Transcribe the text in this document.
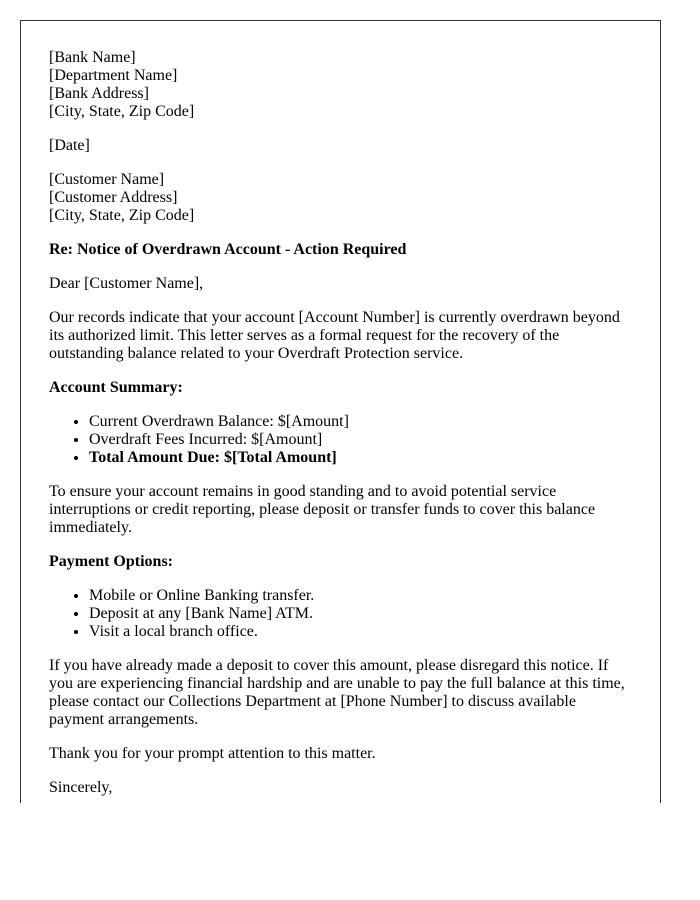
[Bank Name]
[Department Name]
[Bank Address]
[City, State, Zip Code]

[Date]

[Customer Name]
[Customer Address]
[City, State, Zip Code]

Re: Notice of Overdrawn Account - Action Required

Dear [Customer Name],

Our records indicate that your account [Account Number] is currently overdrawn beyond its authorized limit. This letter serves as a formal request for the recovery of the outstanding balance related to your Overdraft Protection service.

Account Summary:

• Current Overdrawn Balance: $[Amount]
• Overdraft Fees Incurred: $[Amount]
• Total Amount Due: $[Total Amount]

To ensure your account remains in good standing and to avoid potential service interruptions or credit reporting, please deposit or transfer funds to cover this balance immediately.

Payment Options:

• Mobile or Online Banking transfer.
• Deposit at any [Bank Name] ATM.
• Visit a local branch office.

If you have already made a deposit to cover this amount, please disregard this notice. If you are experiencing financial hardship and are unable to pay the full balance at this time, please contact our Collections Department at [Phone Number] to discuss available payment arrangements.

Thank you for your prompt attention to this matter.

Sincerely,
